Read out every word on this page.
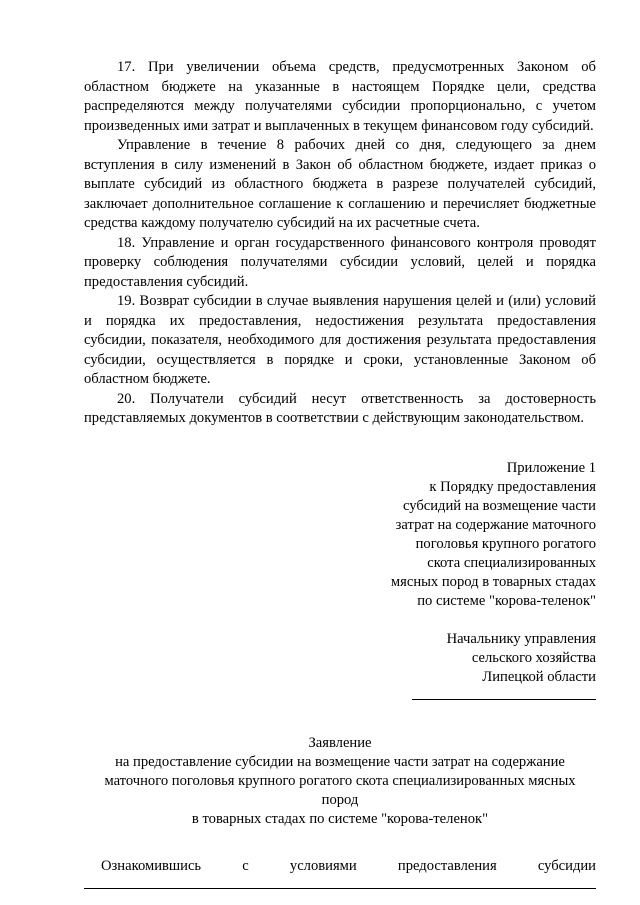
17. При увеличении объема средств, предусмотренных Законом об областном бюджете на указанные в настоящем Порядке цели, средства распределяются между получателями субсидии пропорционально, с учетом произведенных ими затрат и выплаченных в текущем финансовом году субсидий.

Управление в течение 8 рабочих дней со дня, следующего за днем вступления в силу изменений в Закон об областном бюджете, издает приказ о выплате субсидий из областного бюджета в разрезе получателей субсидий, заключает дополнительное соглашение к соглашению и перечисляет бюджетные средства каждому получателю субсидий на их расчетные счета.

18. Управление и орган государственного финансового контроля проводят проверку соблюдения получателями субсидии условий, целей и порядка предоставления субсидий.

19. Возврат субсидии в случае выявления нарушения целей и (или) условий и порядка их предоставления, недостижения результата предоставления субсидии, показателя, необходимого для достижения результата предоставления субсидии, осуществляется в порядке и сроки, установленные Законом об областном бюджете.

20. Получатели субсидий несут ответственность за достоверность представляемых документов в соответствии с действующим законодательством.

Приложение 1

к Порядку предоставления

субсидий на возмещение части

затрат на содержание маточного

поголовья крупного рогатого

скота специализированных

мясных пород в товарных стадах

по системе "корова-теленок"

Начальнику управления

сельского хозяйства

Липецкой области

Заявление

на предоставление субсидии на возмещение части затрат на содержание

маточного поголовья крупного рогатого скота специализированных мясных

пород

в товарных стадах по системе "корова-теленок"

Ознакомившись	с	условиями	предоставления	субсидии
